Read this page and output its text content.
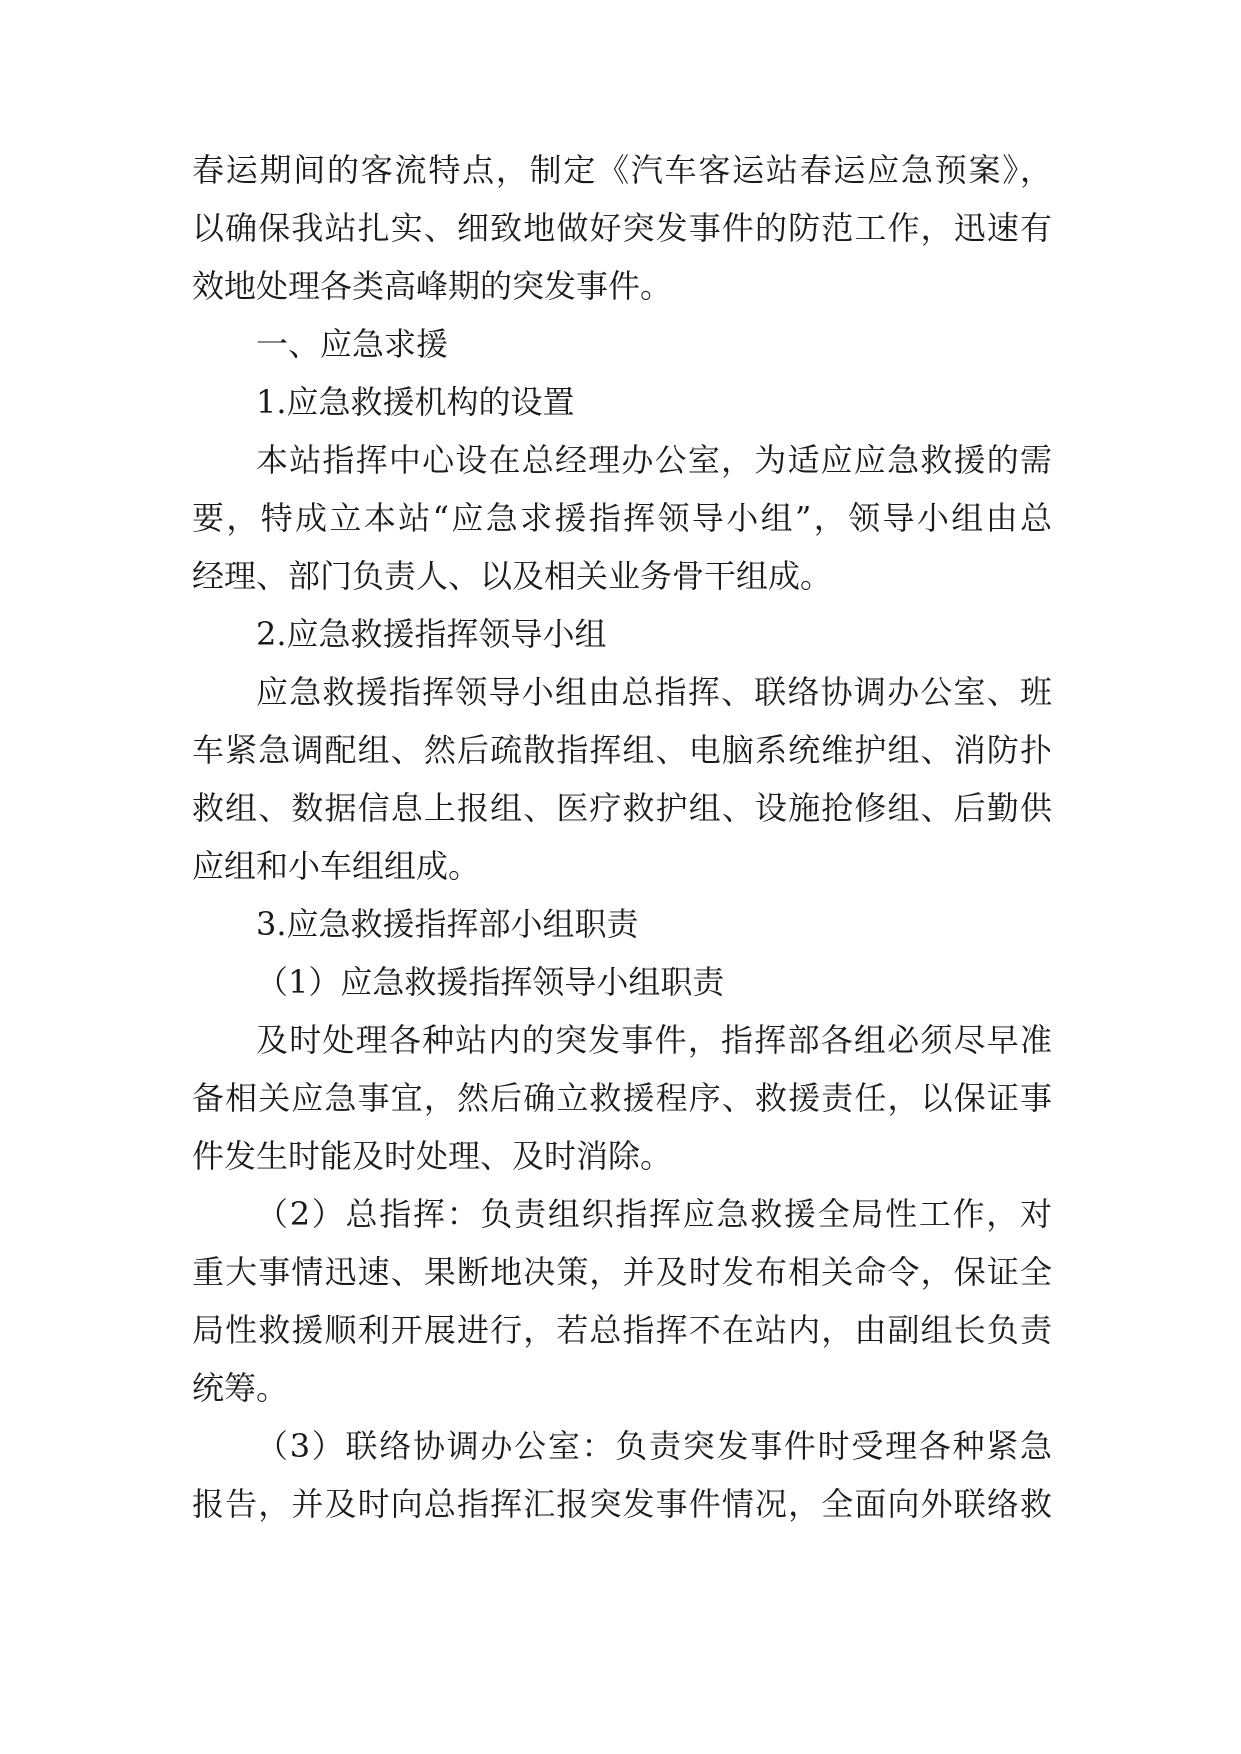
春运期间的客流特点，制定《汽车客运站春运应急预案》，
以确保我站扎实、细致地做好突发事件的防范工作，迅速有
效地处理各类高峰期的突发事件。
一、应急求援
1.应急救援机构的设置
本站指挥中心设在总经理办公室，为适应应急救援的需
要，特成立本站“应急求援指挥领导小组”，领导小组由总
经理、部门负责人、以及相关业务骨干组成。
2.应急救援指挥领导小组
应急救援指挥领导小组由总指挥、联络协调办公室、班
车紧急调配组、然后疏散指挥组、电脑系统维护组、消防扑
救组、数据信息上报组、医疗救护组、设施抢修组、后勤供
应组和小车组组成。
3.应急救援指挥部小组职责
（1）应急救援指挥领导小组职责
及时处理各种站内的突发事件，指挥部各组必须尽早准
备相关应急事宜，然后确立救援程序、救援责任，以保证事
件发生时能及时处理、及时消除。
（2）总指挥：负责组织指挥应急救援全局性工作，对
重大事情迅速、果断地决策，并及时发布相关命令，保证全
局性救援顺利开展进行，若总指挥不在站内，由副组长负责
统筹。
（3）联络协调办公室：负责突发事件时受理各种紧急
报告，并及时向总指挥汇报突发事件情况，全面向外联络救
